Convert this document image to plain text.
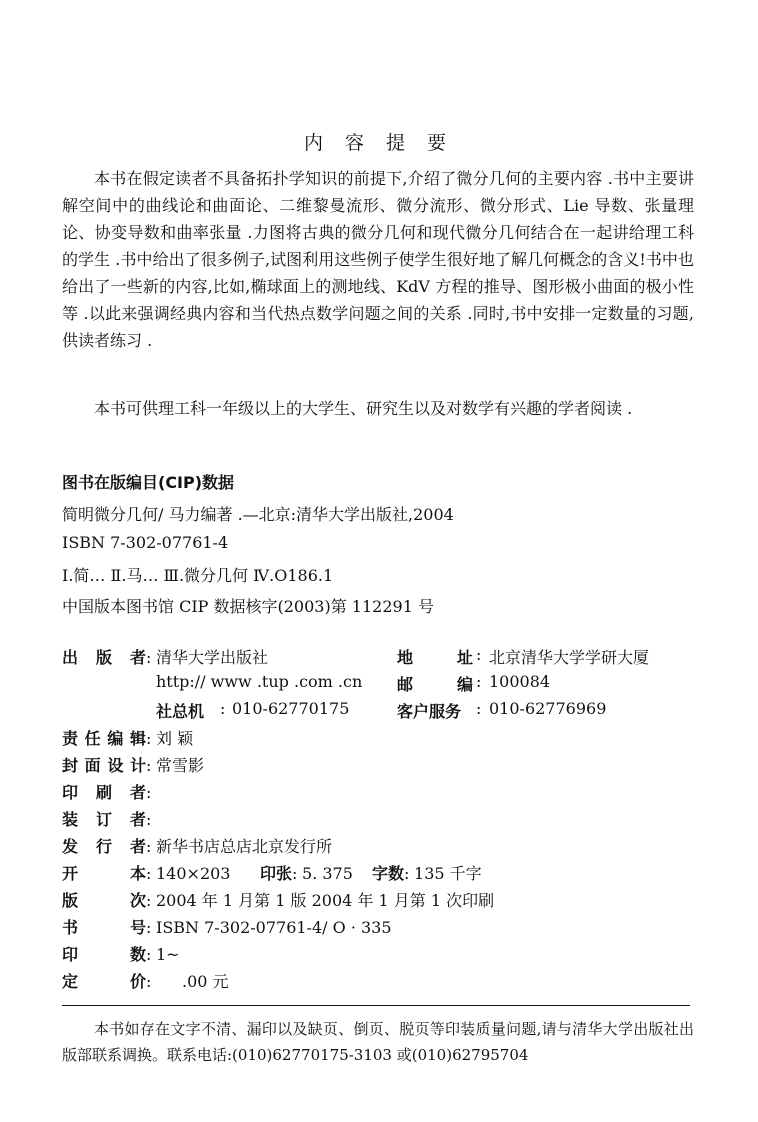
内 容 提 要

本书在假定读者不具备拓扑学知识的前提下,介绍了微分几何的主要内容 .书中主要讲解空间中的曲线论和曲面论、二维黎曼流形、微分流形、微分形式、Lie 导数、张量理论、协变导数和曲率张量 .力图将古典的微分几何和现代微分几何结合在一起讲给理工科的学生 .书中给出了很多例子,试图利用这些例子使学生很好地了解几何概念的含义!书中也给出了一些新的内容,比如,椭球面上的测地线、KdV 方程的推导、图形极小曲面的极小性等 .以此来强调经典内容和当代热点数学问题之间的关系 .同时,书中安排一定数量的习题,供读者练习 .

本书可供理工科一年级以上的大学生、研究生以及对数学有兴趣的学者阅读 .

图书在版编目(CIP)数据
简明微分几何/ 马力编著 .—北京:清华大学出版社,2004
ISBN 7-302-07761-4
Ⅰ.简… Ⅱ.马… Ⅲ.微分几何 Ⅳ.O186.1
中国版本图书馆 CIP 数据核字(2003)第 112291 号
出 版 者: 清华大学出版社	地 址 : 北京清华大学学研大厦
http:// www .tup .com .cn 邮 编 : 100084
社总机 : 010-62770175	客户服务 : 010-62776969
责任编辑: 刘 颖
封面设计: 常雪影
印 刷 者:
装 订 者:
发 行 者: 新华书店总店北京发行所
开 本: 140×203 印张: 5. 375 字数: 135 千字
版 次: 2004 年 1 月第 1 版 2004 年 1 月第 1 次印刷
书 号: ISBN 7-302-07761-4/ O · 335
印 数: 1~
定 价: .00 元

本书如存在文字不清、漏印以及缺页、倒页、脱页等印装质量问题,请与清华大学出版社出版部联系调换。联系电话:(010)62770175-3103 或(010)62795704
